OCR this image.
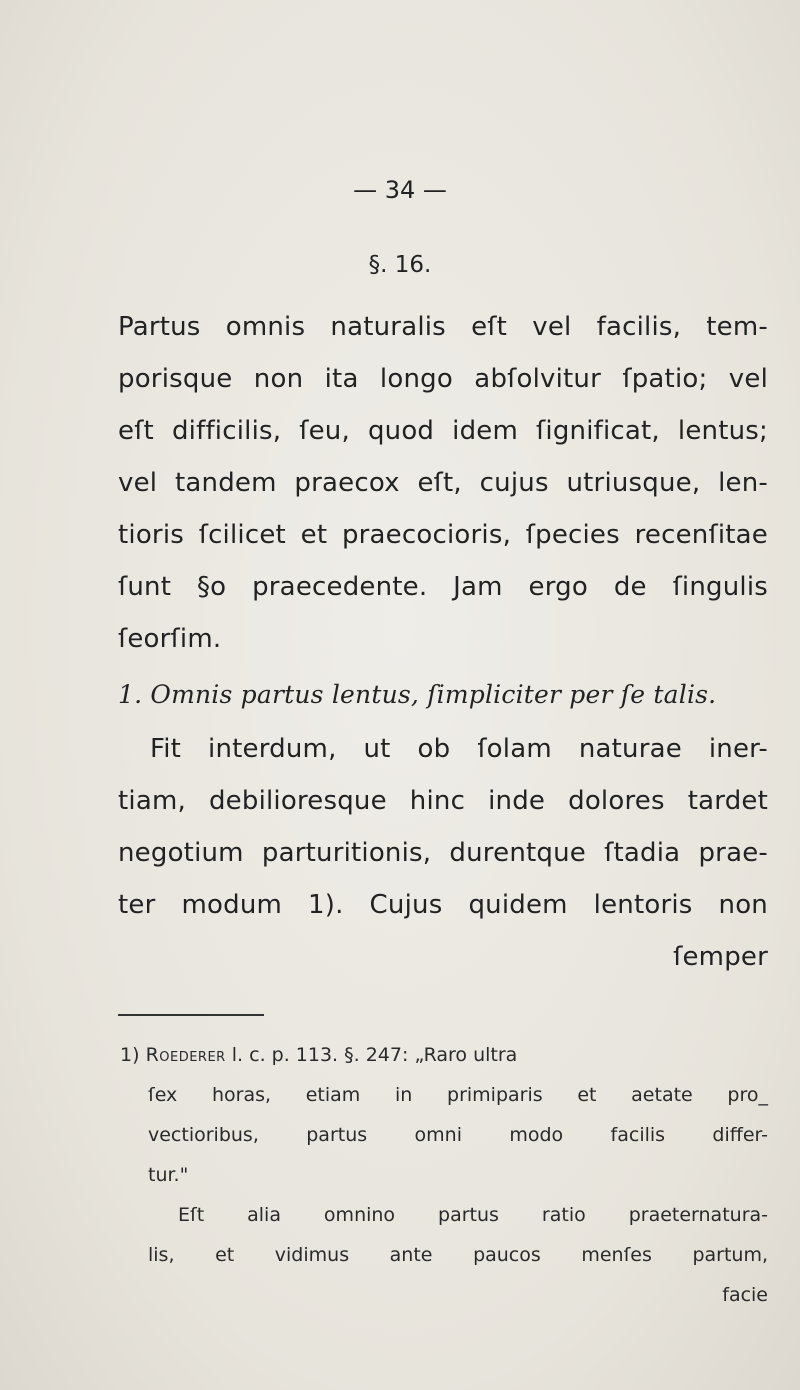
— 34 —
§. 16.
Partus omnis naturalis eſt vel facilis, tem-
porisque non ita longo abſolvitur ſpatio; vel
eſt difficilis, ſeu, quod idem ſignificat, lentus;
vel tandem praecox eſt, cujus utriusque, len-
tioris ſcilicet et praecocioris, ſpecies recenſitae
ſunt §o praecedente. Jam ergo de ſingulis
ſeorſim.
1. Omnis partus lentus, ſimpliciter per ſe talis.
Fit interdum, ut ob ſolam naturae iner-
tiam, debilioresque hinc inde dolores tardet
negotium parturitionis, durentque ſtadia prae-
ter modum 1). Cujus quidem lentoris non
ſemper
1) Roederer l. c. p. 113. §. 247: „Raro ultra
ſex horas, etiam in primiparis et aetate pro_
vectioribus, partus omni modo facilis differ-
tur."
Eſt alia omnino partus ratio praeternatura-
lis, et vidimus ante paucos menſes partum,
facie
